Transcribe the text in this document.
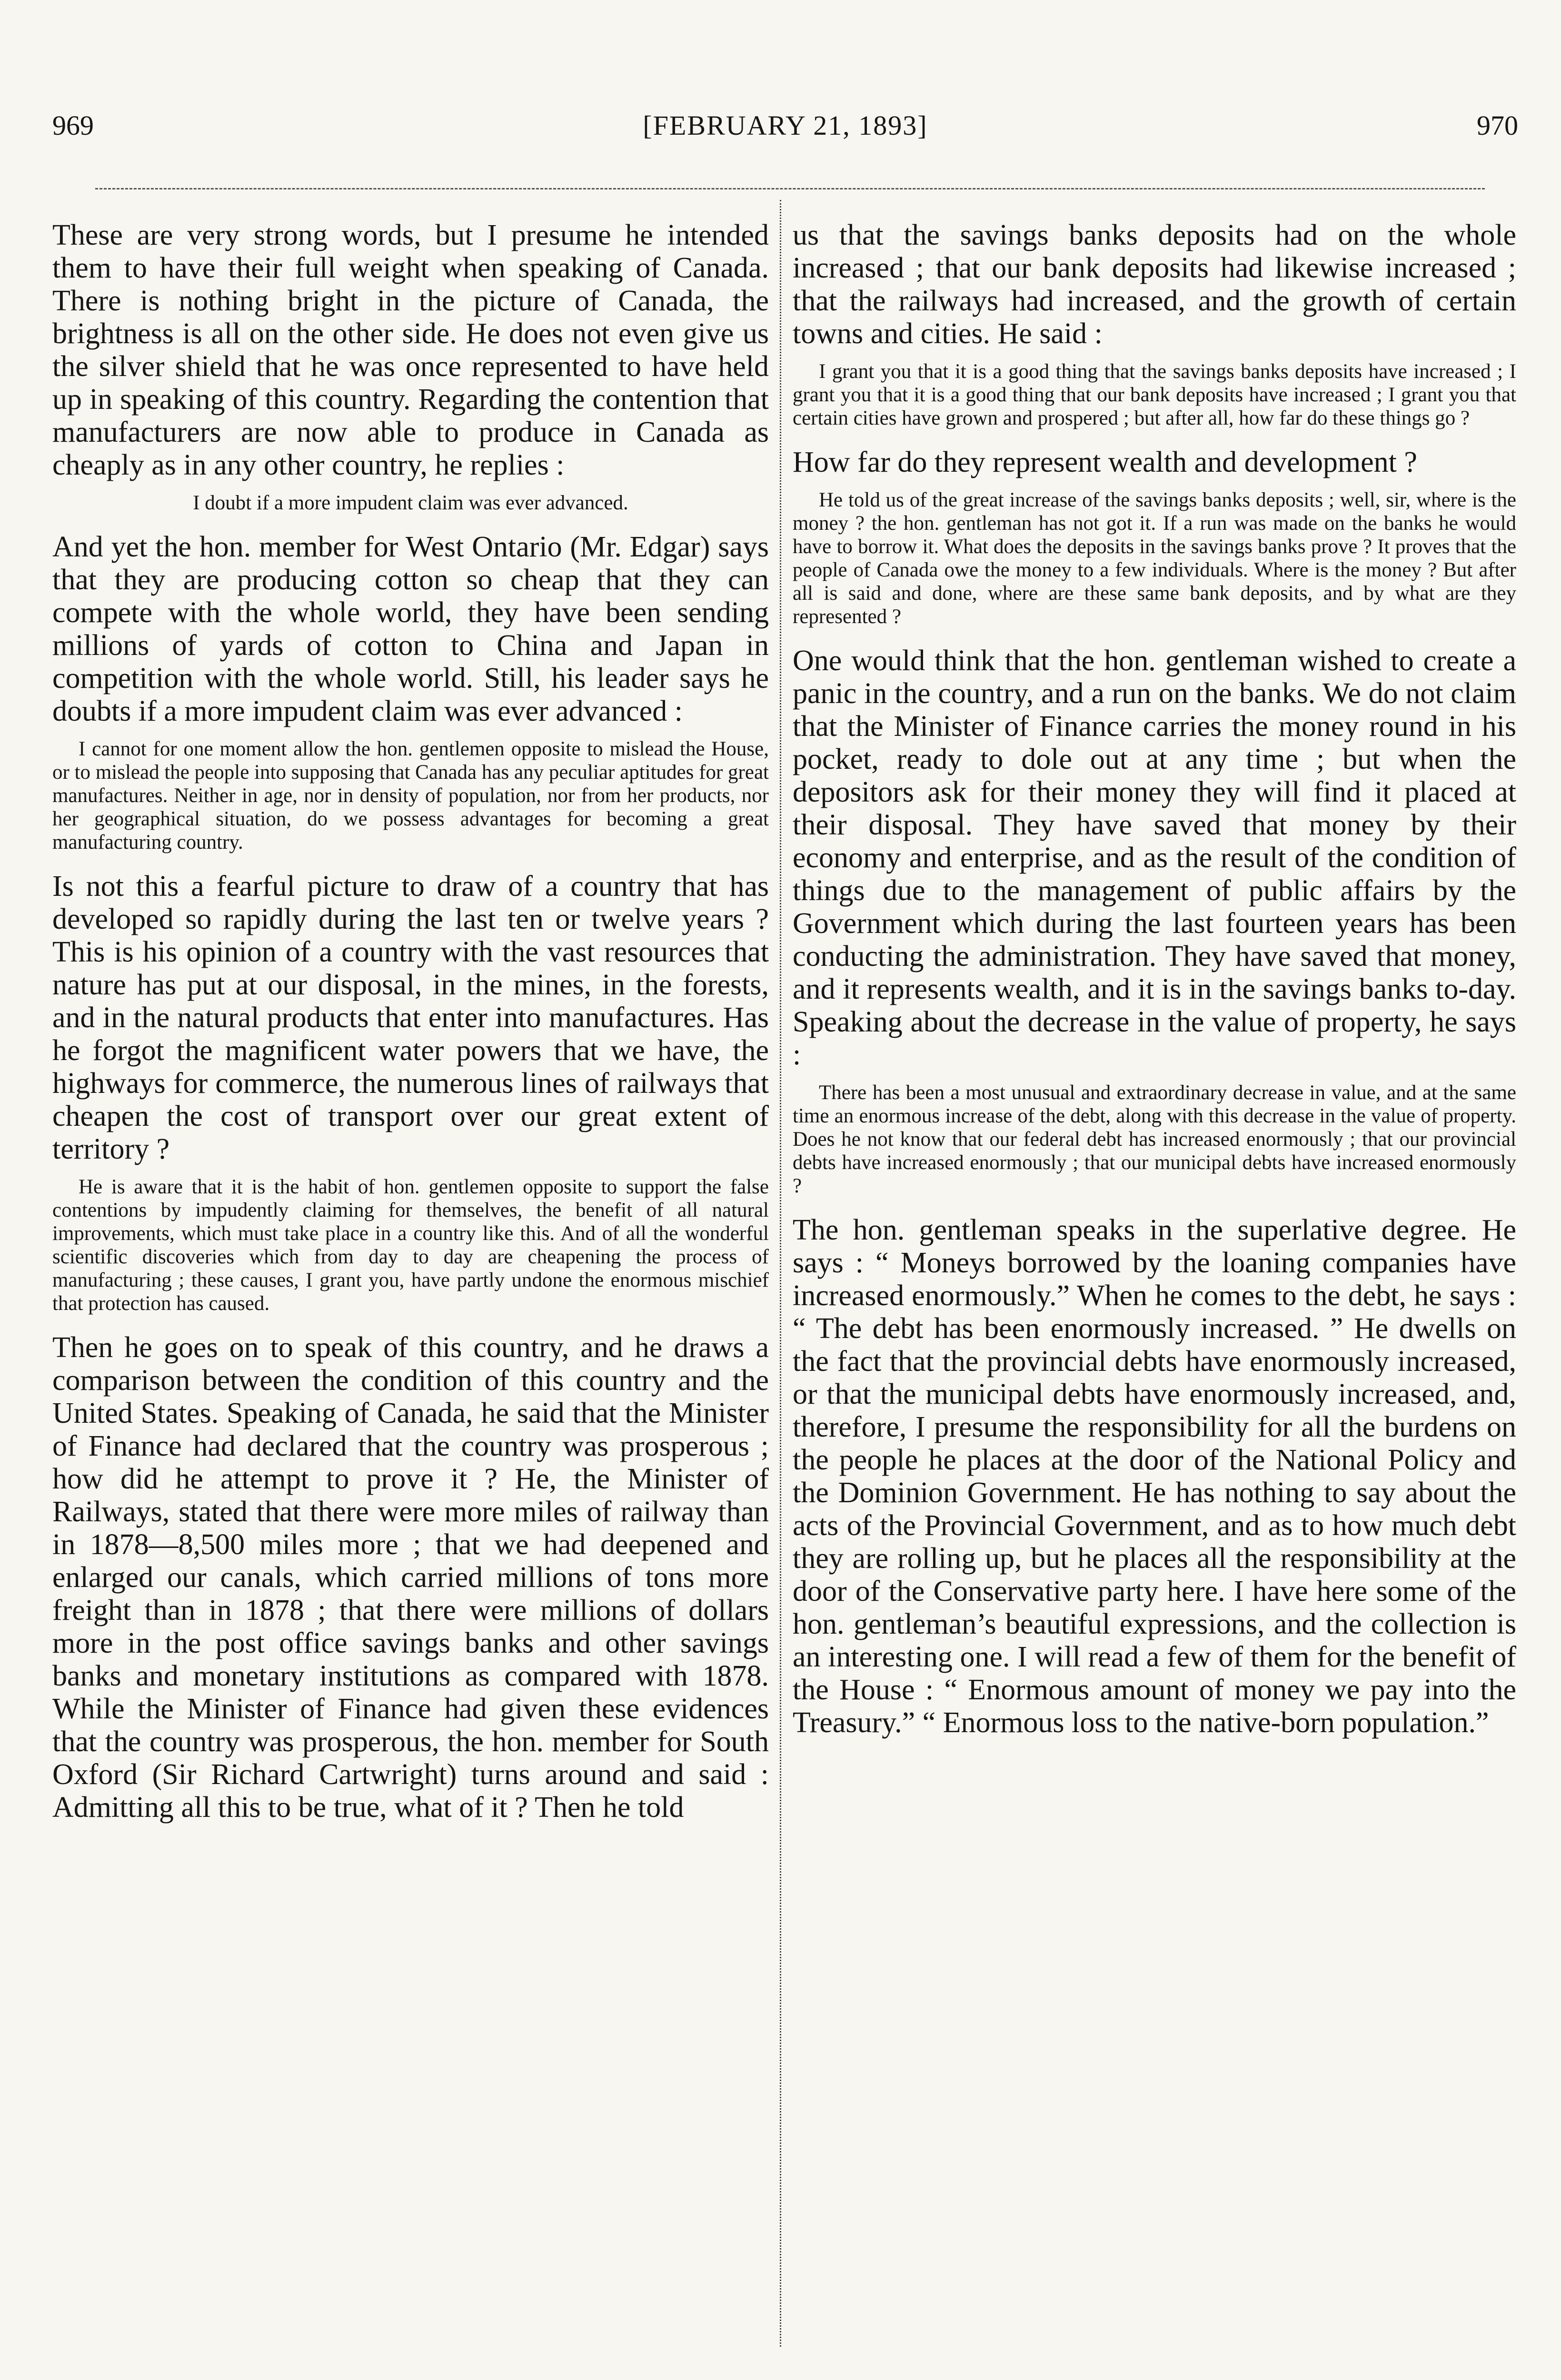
969	[FEBRUARY 21, 1893]	970

These are very strong words, but I presume he intended them to have their full weight when speaking of Canada. There is nothing bright in the picture of Canada, the brightness is all on the other side. He does not even give us the silver shield that he was once represented to have held up in speaking of this country. Regarding the contention that manufacturers are now able to produce in Canada as cheaply as in any other country, he replies :

I doubt if a more impudent claim was ever advanced.

And yet the hon. member for West Ontario (Mr. Edgar) says that they are producing cotton so cheap that they can compete with the whole world, they have been sending millions of yards of cotton to China and Japan in competition with the whole world. Still, his leader says he doubts if a more impudent claim was ever advanced :

I cannot for one moment allow the hon. gentlemen opposite to mislead the House, or to mislead the people into supposing that Canada has any peculiar aptitudes for great manufactures. Neither in age, nor in density of population, nor from her products, nor her geographical situation, do we possess advantages for becoming a great manufacturing country.

Is not this a fearful picture to draw of a country that has developed so rapidly during the last ten or twelve years ? This is his opinion of a country with the vast resources that nature has put at our disposal, in the mines, in the forests, and in the natural products that enter into manufactures. Has he forgot the magnificent water powers that we have, the highways for commerce, the numerous lines of railways that cheapen the cost of transport over our great extent of territory ?

He is aware that it is the habit of hon. gentlemen opposite to support the false contentions by impudently claiming for themselves, the benefit of all natural improvements, which must take place in a country like this. And of all the wonderful scientific discoveries which from day to day are cheapening the process of manufacturing ; these causes, I grant you, have partly undone the enormous mischief that protection has caused.

Then he goes on to speak of this country, and he draws a comparison between the condition of this country and the United States. Speaking of Canada, he said that the Minister of Finance had declared that the country was prosperous ; how did he attempt to prove it ? He, the Minister of Railways, stated that there were more miles of railway than in 1878—8,500 miles more ; that we had deepened and enlarged our canals, which carried millions of tons more freight than in 1878 ; that there were millions of dollars more in the post office savings banks and other savings banks and monetary institutions as compared with 1878. While the Minister of Finance had given these evidences that the country was prosperous, the hon. member for South Oxford (Sir Richard Cartwright) turns around and said : Admitting all this to be true, what of it ? Then he told

us that the savings banks deposits had on the whole increased ; that our bank deposits had likewise increased ; that the railways had increased, and the growth of certain towns and cities. He said :

I grant you that it is a good thing that the savings banks deposits have increased ; I grant you that it is a good thing that our bank deposits have increased ; I grant you that certain cities have grown and prospered ; but after all, how far do these things go ?

How far do they represent wealth and development ?

He told us of the great increase of the savings banks deposits ; well, sir, where is the money ? the hon. gentleman has not got it. If a run was made on the banks he would have to borrow it. What does the deposits in the savings banks prove ? It proves that the people of Canada owe the money to a few individuals. Where is the money ? But after all is said and done, where are these same bank deposits, and by what are they represented ?

One would think that the hon. gentleman wished to create a panic in the country, and a run on the banks. We do not claim that the Minister of Finance carries the money round in his pocket, ready to dole out at any time ; but when the depositors ask for their money they will find it placed at their disposal. They have saved that money by their economy and enterprise, and as the result of the condition of things due to the management of public affairs by the Government which during the last fourteen years has been conducting the administration. They have saved that money, and it represents wealth, and it is in the savings banks to-day. Speaking about the decrease in the value of property, he says :

There has been a most unusual and extraordinary decrease in value, and at the same time an enormous increase of the debt, along with this decrease in the value of property. Does he not know that our federal debt has increased enormously ; that our provincial debts have increased enormously ; that our municipal debts have increased enormously ?

The hon. gentleman speaks in the superlative degree. He says : “ Moneys borrowed by the loaning companies have increased enormously.” When he comes to the debt, he says : “ The debt has been enormously increased. ” He dwells on the fact that the provincial debts have enormously increased, or that the municipal debts have enormously increased, and, therefore, I presume the responsibility for all the burdens on the people he places at the door of the National Policy and the Dominion Government. He has nothing to say about the acts of the Provincial Government, and as to how much debt they are rolling up, but he places all the responsibility at the door of the Conservative party here. I have here some of the hon. gentleman’s beautiful expressions, and the collection is an interesting one. I will read a few of them for the benefit of the House : “ Enormous amount of money we pay into the Treasury.” “ Enormous loss to the native-born population.”
